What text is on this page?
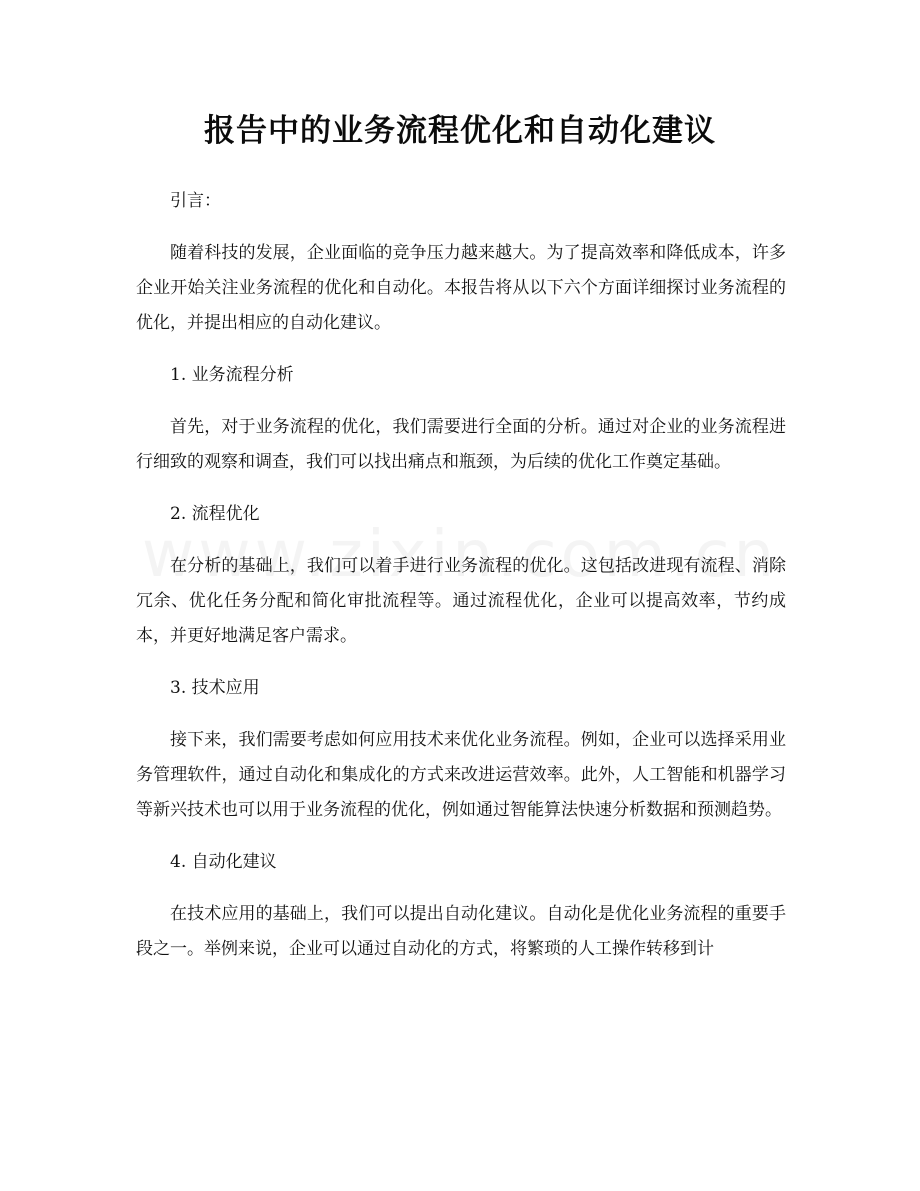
报告中的业务流程优化和自动化建议

引言：

随着科技的发展，企业面临的竞争压力越来越大。为了提高效率和降低成本，许多企业开始关注业务流程的优化和自动化。本报告将从以下六个方面详细探讨业务流程的优化，并提出相应的自动化建议。

1. 业务流程分析

首先，对于业务流程的优化，我们需要进行全面的分析。通过对企业的业务流程进行细致的观察和调查，我们可以找出痛点和瓶颈，为后续的优化工作奠定基础。

2. 流程优化

在分析的基础上，我们可以着手进行业务流程的优化。这包括改进现有流程、消除冗余、优化任务分配和简化审批流程等。通过流程优化，企业可以提高效率，节约成本，并更好地满足客户需求。

3. 技术应用

接下来，我们需要考虑如何应用技术来优化业务流程。例如，企业可以选择采用业务管理软件，通过自动化和集成化的方式来改进运营效率。此外，人工智能和机器学习等新兴技术也可以用于业务流程的优化，例如通过智能算法快速分析数据和预测趋势。

4. 自动化建议

在技术应用的基础上，我们可以提出自动化建议。自动化是优化业务流程的重要手段之一。举例来说，企业可以通过自动化的方式，将繁琐的人工操作转移到计
